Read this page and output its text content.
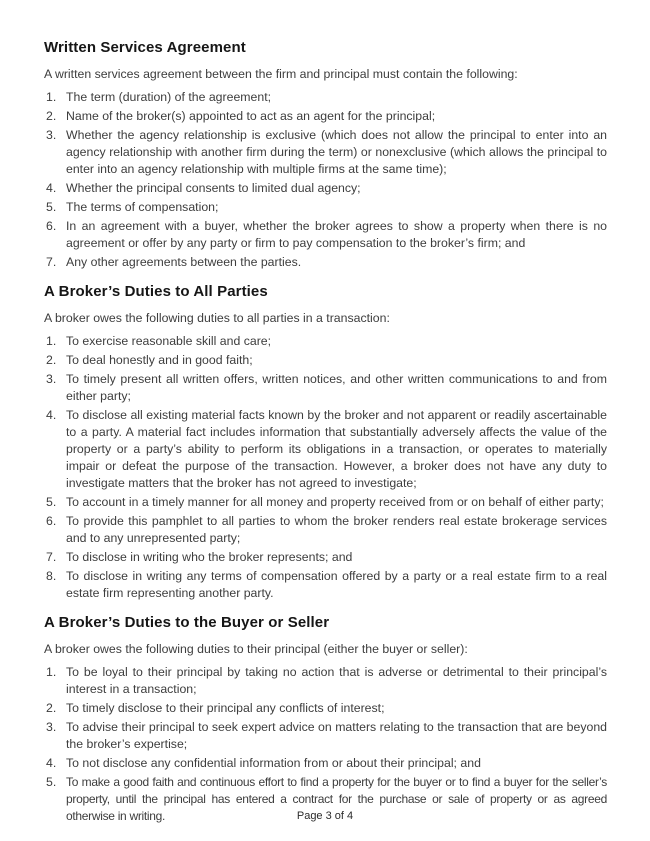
Written Services Agreement

A written services agreement between the firm and principal must contain the following:

1. The term (duration) of the agreement;
2. Name of the broker(s) appointed to act as an agent for the principal;
3. Whether the agency relationship is exclusive (which does not allow the principal to enter into an agency relationship with another firm during the term) or nonexclusive (which allows the principal to enter into an agency relationship with multiple firms at the same time);
4. Whether the principal consents to limited dual agency;
5. The terms of compensation;
6. In an agreement with a buyer, whether the broker agrees to show a property when there is no agreement or offer by any party or firm to pay compensation to the broker’s firm; and
7. Any other agreements between the parties.
A Broker’s Duties to All Parties

A broker owes the following duties to all parties in a transaction:

1. To exercise reasonable skill and care;
2. To deal honestly and in good faith;
3. To timely present all written offers, written notices, and other written communications to and from either party;
4. To disclose all existing material facts known by the broker and not apparent or readily ascertainable to a party. A material fact includes information that substantially adversely affects the value of the property or a party’s ability to perform its obligations in a transaction, or operates to materially impair or defeat the purpose of the transaction. However, a broker does not have any duty to investigate matters that the broker has not agreed to investigate;
5. To account in a timely manner for all money and property received from or on behalf of either party;
6. To provide this pamphlet to all parties to whom the broker renders real estate brokerage services and to any unrepresented party;
7. To disclose in writing who the broker represents; and
8. To disclose in writing any terms of compensation offered by a party or a real estate firm to a real estate firm representing another party.
A Broker’s Duties to the Buyer or Seller

A broker owes the following duties to their principal (either the buyer or seller):

1. To be loyal to their principal by taking no action that is adverse or detrimental to their principal’s interest in a transaction;
2. To timely disclose to their principal any conflicts of interest;
3. To advise their principal to seek expert advice on matters relating to the transaction that are beyond the broker’s expertise;
4. To not disclose any confidential information from or about their principal; and
5. To make a good faith and continuous effort to find a property for the buyer or to find a buyer for the seller’s property, until the principal has entered a contract for the purchase or sale of property or as agreed otherwise in writing.	Page 3 of 4
